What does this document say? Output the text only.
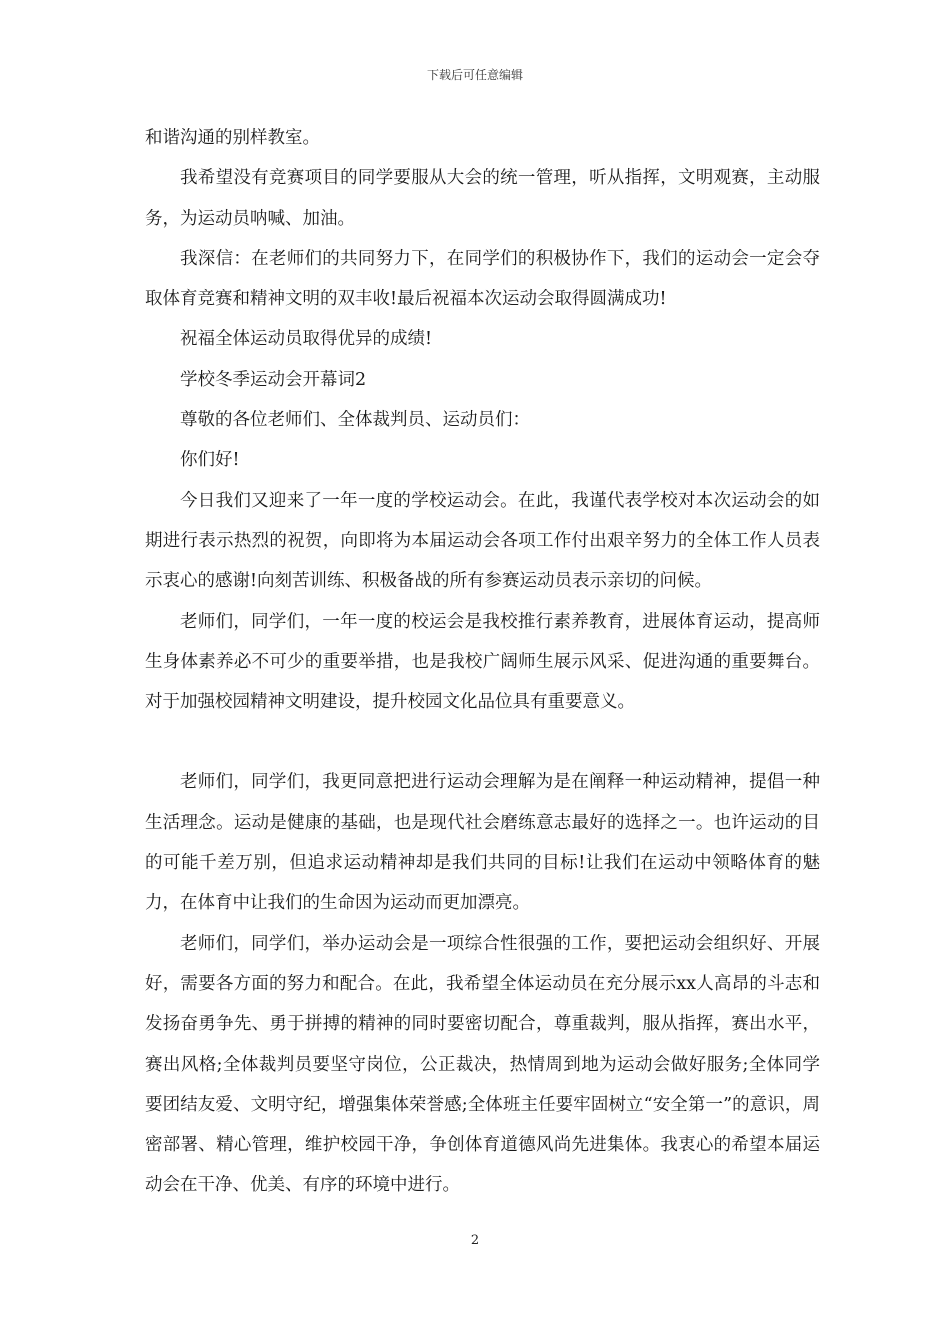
下载后可任意编辑

和谐沟通的别样教室。

我希望没有竞赛项目的同学要服从大会的统一管理，听从指挥，文明观赛，主动服务，为运动员呐喊、加油。

我深信：在老师们的共同努力下，在同学们的积极协作下，我们的运动会一定会夺取体育竞赛和精神文明的双丰收!最后祝福本次运动会取得圆满成功!

祝福全体运动员取得优异的成绩!

学校冬季运动会开幕词2

尊敬的各位老师们、全体裁判员、运动员们：

你们好!

今日我们又迎来了一年一度的学校运动会。在此，我谨代表学校对本次运动会的如期进行表示热烈的祝贺，向即将为本届运动会各项工作付出艰辛努力的全体工作人员表示衷心的感谢!向刻苦训练、积极备战的所有参赛运动员表示亲切的问候。

老师们，同学们，一年一度的校运会是我校推行素养教育，进展体育运动，提高师生身体素养必不可少的重要举措，也是我校广阔师生展示风采、促进沟通的重要舞台。对于加强校园精神文明建设，提升校园文化品位具有重要意义。

老师们，同学们，我更同意把进行运动会理解为是在阐释一种运动精神，提倡一种生活理念。运动是健康的基础，也是现代社会磨练意志最好的选择之一。也许运动的目的可能千差万别，但追求运动精神却是我们共同的目标!让我们在运动中领略体育的魅力，在体育中让我们的生命因为运动而更加漂亮。

老师们，同学们，举办运动会是一项综合性很强的工作，要把运动会组织好、开展好，需要各方面的努力和配合。在此，我希望全体运动员在充分展示xx人高昂的斗志和发扬奋勇争先、勇于拼搏的精神的同时要密切配合，尊重裁判，服从指挥，赛出水平，赛出风格;全体裁判员要坚守岗位，公正裁决，热情周到地为运动会做好服务;全体同学要团结友爱、文明守纪，增强集体荣誉感;全体班主任要牢固树立“安全第一”的意识，周密部署、精心管理，维护校园干净，争创体育道德风尚先进集体。我衷心的希望本届运动会在干净、优美、有序的环境中进行。

2
